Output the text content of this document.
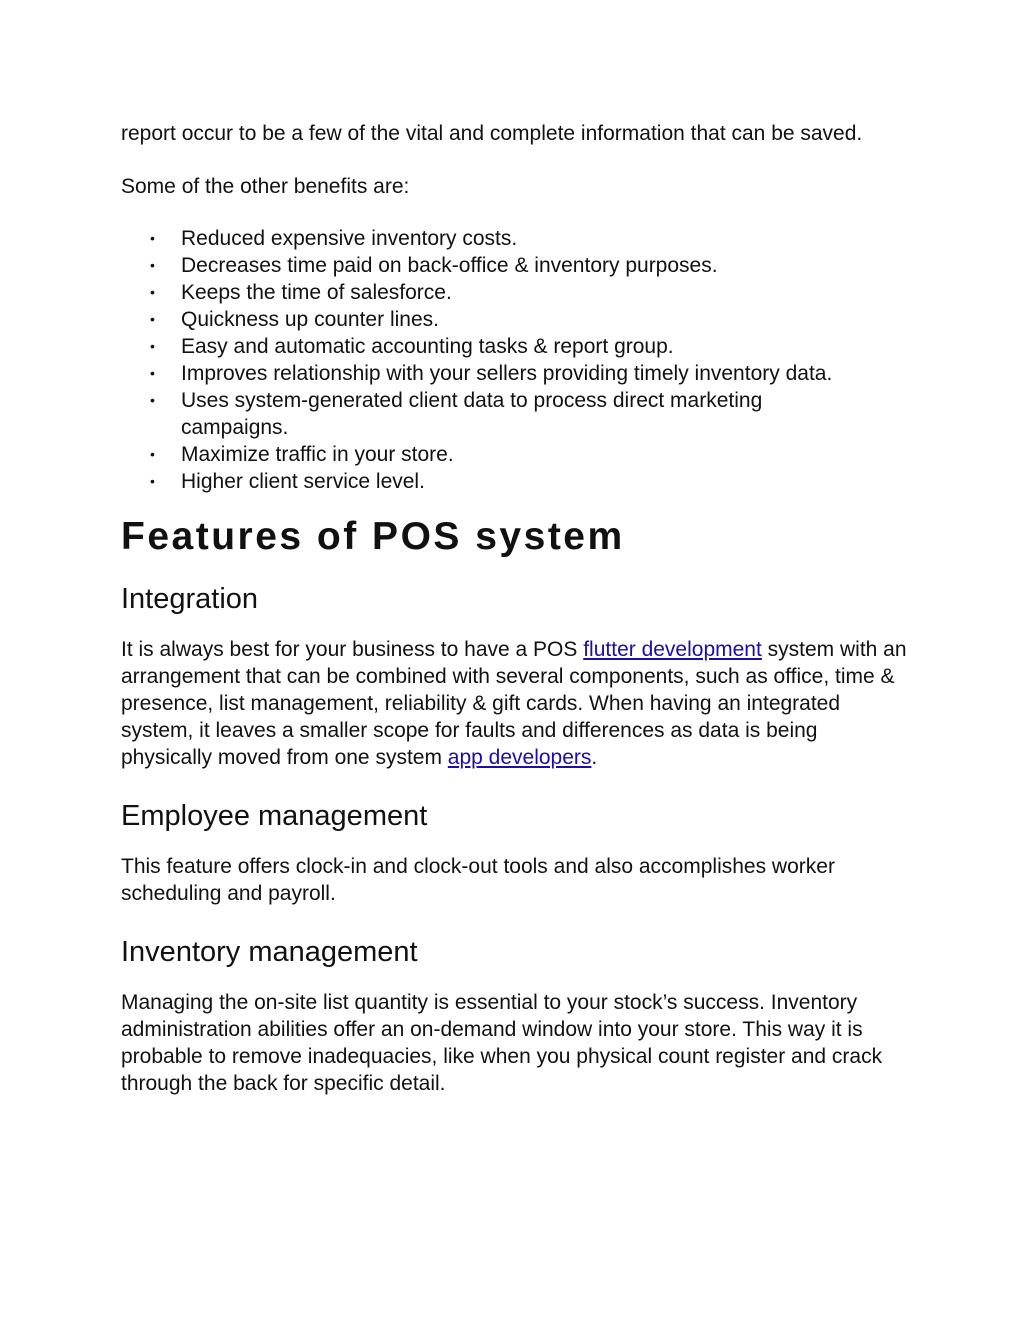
report occur to be a few of the vital and complete information that can be saved.

Some of the other benefits are:

• Reduced expensive inventory costs.
• Decreases time paid on back-office & inventory purposes.
• Keeps the time of salesforce.
• Quickness up counter lines.
• Easy and automatic accounting tasks & report group.
• Improves relationship with your sellers providing timely inventory data.
• Uses system-generated client data to process direct marketing campaigns.
• Maximize traffic in your store.
• Higher client service level.
Features of POS system
Integration

It is always best for your business to have a POS flutter development system with an arrangement that can be combined with several components, such as office, time & presence, list management, reliability & gift cards. When having an integrated system, it leaves a smaller scope for faults and differences as data is being physically moved from one system app developers.

Employee management

This feature offers clock-in and clock-out tools and also accomplishes worker scheduling and payroll.

Inventory management

Managing the on-site list quantity is essential to your stock’s success. Inventory administration abilities offer an on-demand window into your store. This way it is probable to remove inadequacies, like when you physical count register and crack through the back for specific detail.
